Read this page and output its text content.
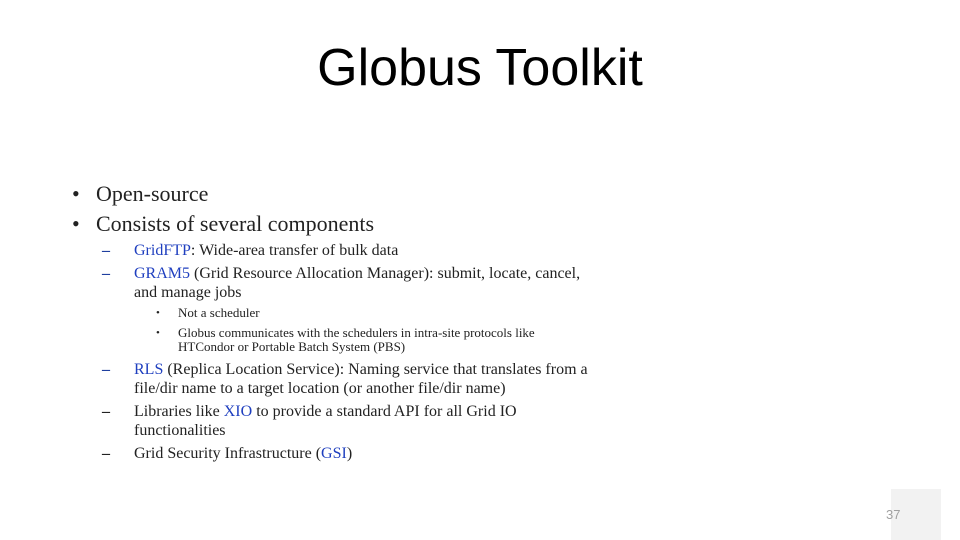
Globus Toolkit
• Open-source
• Consists of several components
– GridFTP: Wide-area transfer of bulk data
– GRAM5 (Grid Resource Allocation Manager): submit, locate, cancel, and manage jobs
• Not a scheduler
• Globus communicates with the schedulers in intra-site protocols like HTCondor or Portable Batch System (PBS)
– RLS (Replica Location Service): Naming service that translates from a file/dir name to a target location (or another file/dir name)
– Libraries like XIO to provide a standard API for all Grid IO functionalities
– Grid Security Infrastructure (GSI)
37
